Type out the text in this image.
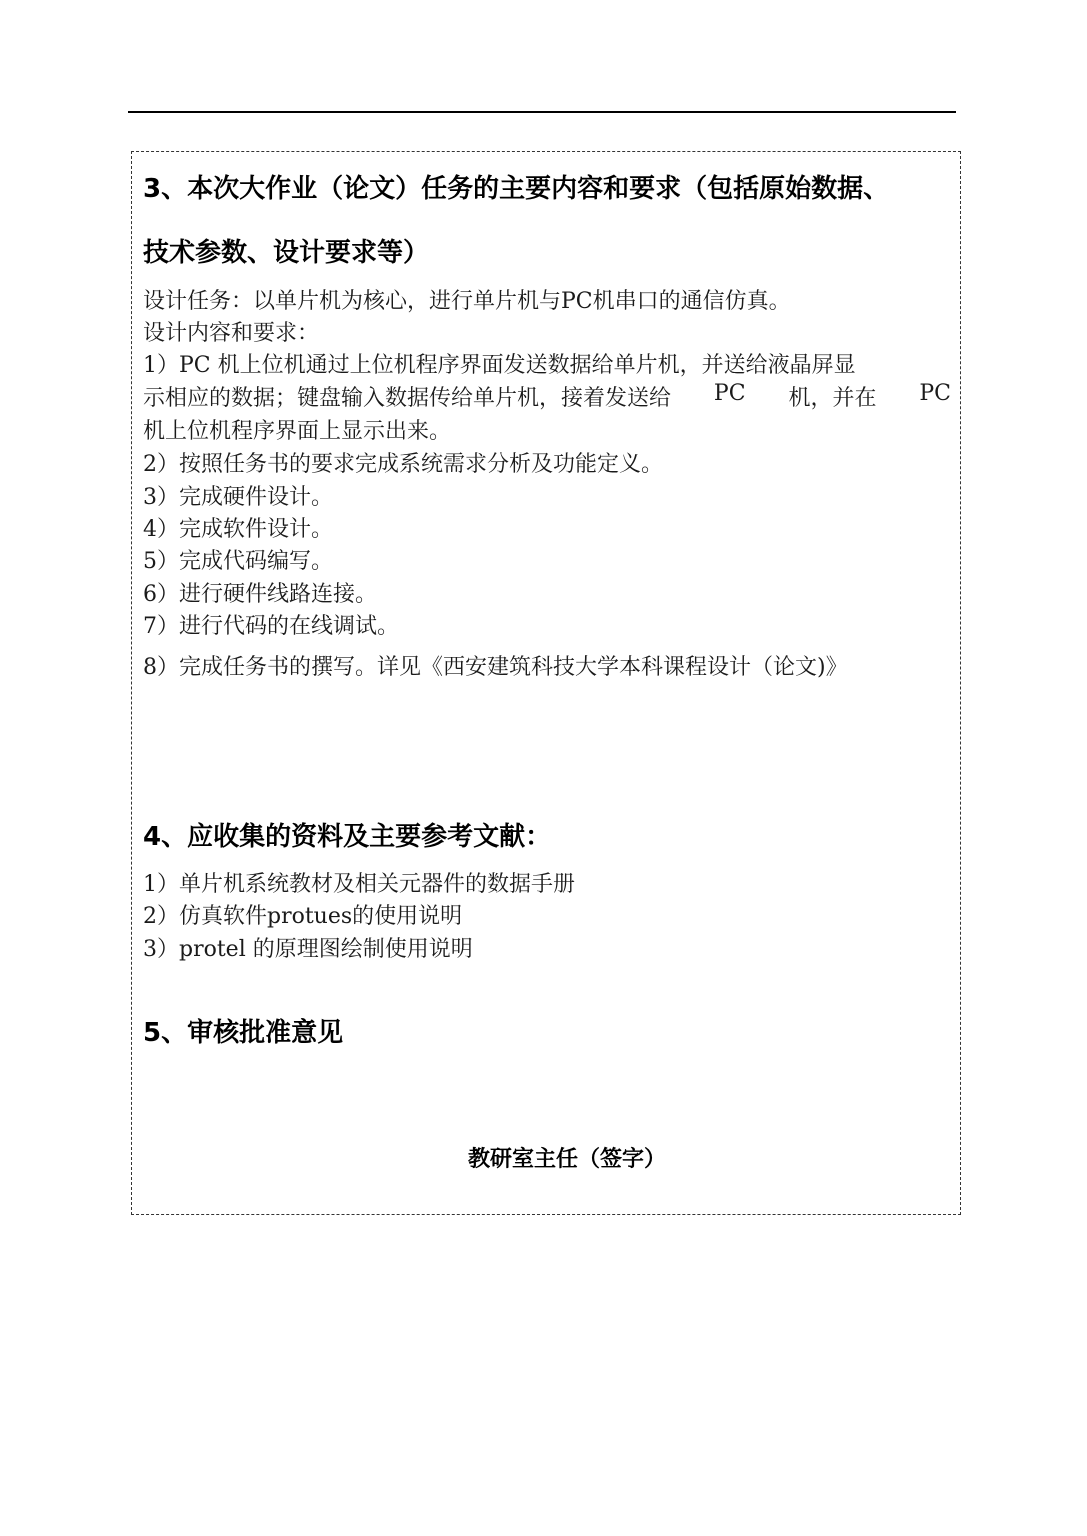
3、本次大作业（论文）任务的主要内容和要求（包括原始数据、

技术参数、设计要求等）

设计任务：以单片机为核心，进行单片机与PC机串口的通信仿真。

设计内容和要求：

1）PC 机上位机通过上位机程序界面发送数据给单片机，并送给液晶屏显

示相应的数据；键盘输入数据传给单片机，接着发送给 PC 机，并在 PC

机上位机程序界面上显示出来。

2）按照任务书的要求完成系统需求分析及功能定义。

3）完成硬件设计。

4）完成软件设计。

5）完成代码编写。

6）进行硬件线路连接。

7）进行代码的在线调试。

8）完成任务书的撰写。详见《西安建筑科技大学本科课程设计（论文)》

4、应收集的资料及主要参考文献：

1）单片机系统教材及相关元器件的数据手册

2）仿真软件protues的使用说明

3）protel 的原理图绘制使用说明

5、审核批准意见

教研室主任（签字）
